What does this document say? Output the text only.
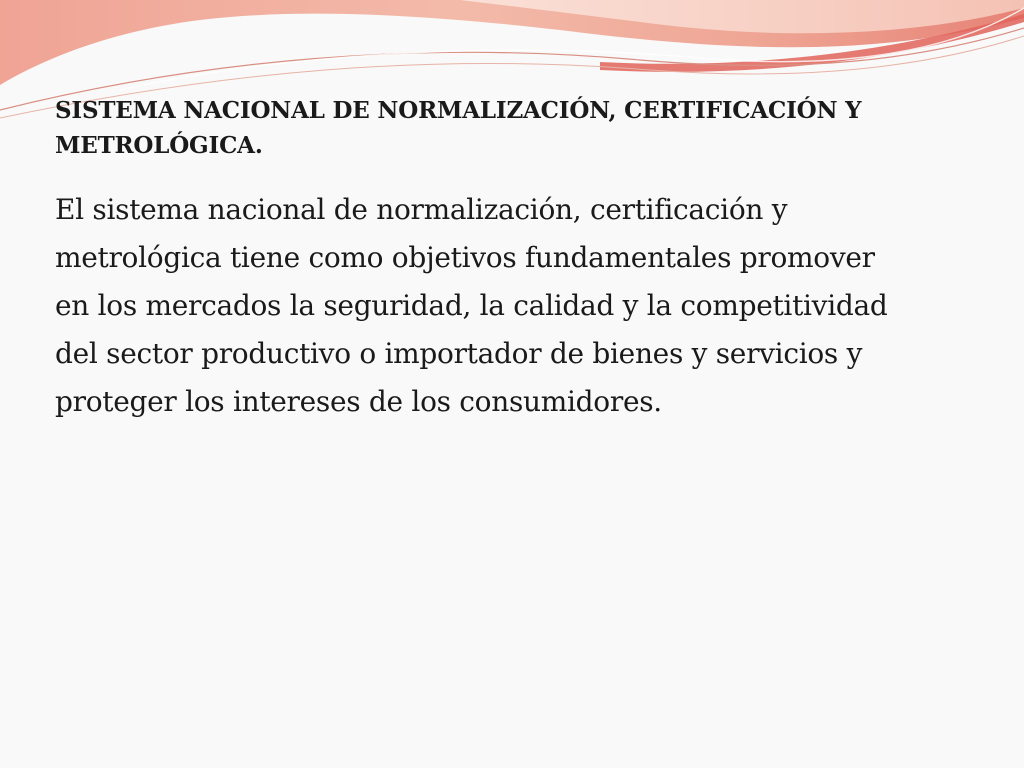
SISTEMA NACIONAL DE NORMALIZACIÓN, CERTIFICACIÓN Y METROLÓGICA.

El sistema nacional de normalización, certificación y metrológica tiene como objetivos fundamentales promover en los mercados la seguridad, la calidad y la competitividad del sector productivo o importador de bienes y servicios y proteger los intereses de los consumidores.
